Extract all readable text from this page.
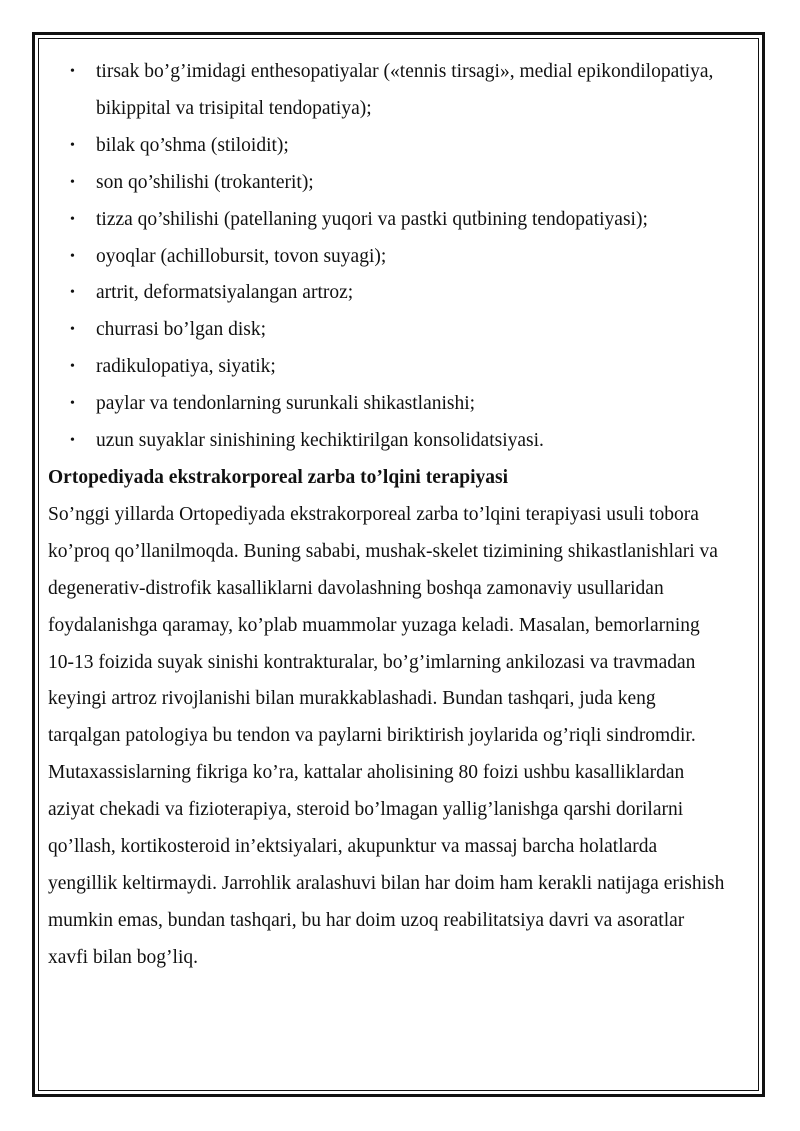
• tirsak bo’g’imidagi enthesopatiyalar («tennis tirsagi», medial epikondilopatiya, bikippital va trisipital tendopatiya);
• bilak qo’shma (stiloidit);
• son qo’shilishi (trokanterit);
• tizza qo’shilishi (patellaning yuqori va pastki qutbining tendopatiyasi);
• oyoqlar (achillobursit, tovon suyagi);
• artrit, deformatsiyalangan artroz;
• churrasi bo’lgan disk;
• radikulopatiya, siyatik;
• paylar va tendonlarning surunkali shikastlanishi;
• uzun suyaklar sinishining kechiktirilgan konsolidatsiyasi.

Ortopediyada ekstrakorporeal zarba to’lqini terapiyasi

So’nggi yillarda Ortopediyada ekstrakorporeal zarba to’lqini terapiyasi usuli tobora ko’proq qo’llanilmoqda. Buning sababi, mushak-skelet tizimining shikastlanishlari va degenerativ-distrofik kasalliklarni davolashning boshqa zamonaviy usullaridan foydalanishga qaramay, ko’plab muammolar yuzaga keladi. Masalan, bemorlarning 10-13 foizida suyak sinishi kontrakturalar, bo’g’imlarning ankilozasi va travmadan keyingi artroz rivojlanishi bilan murakkablashadi. Bundan tashqari, juda keng tarqalgan patologiya bu tendon va paylarni biriktirish joylarida og’riqli sindromdir. Mutaxassislarning fikriga ko’ra, kattalar aholisining 80 foizi ushbu kasalliklardan aziyat chekadi va fizioterapiya, steroid bo’lmagan yallig’lanishga qarshi dorilarni qo’llash, kortikosteroid in’ektsiyalari, akupunktur va massaj barcha holatlarda yengillik keltirmaydi. Jarrohlik aralashuvi bilan har doim ham kerakli natijaga erishish mumkin emas, bundan tashqari, bu har doim uzoq reabilitatsiya davri va asoratlar xavfi bilan bog’liq.
